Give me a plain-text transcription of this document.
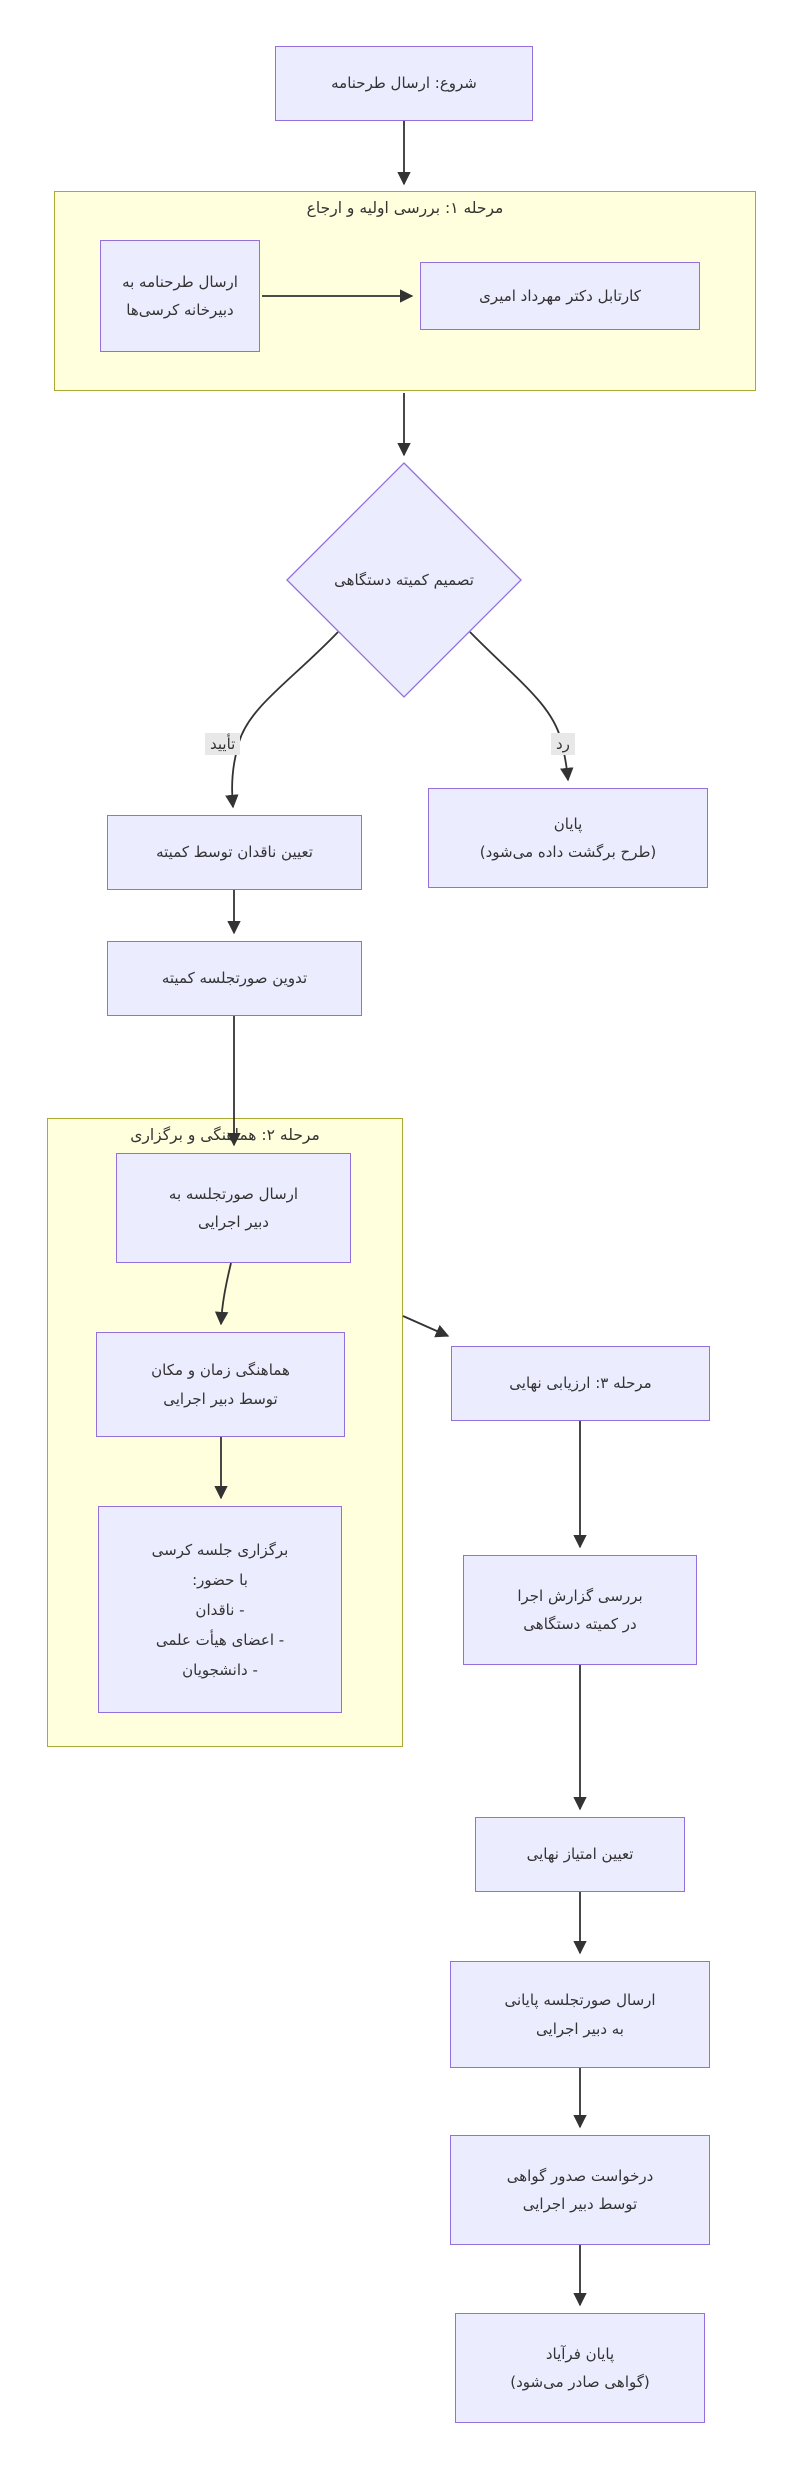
مرحله ۱: بررسی اولیه و ارجاع
مرحله ۲: هماهنگی و برگزاری
شروع: ارسال طرحنامه
ارسال طرحنامه به
دبیرخانه کرسی‌ها
کارتابل دکتر مهرداد امیری
تصمیم کمیته دستگاهی
تأیید	رد
تعیین ناقدان توسط کمیته
پایان
(طرح برگشت داده می‌شود)
تدوین صورتجلسه کمیته
ارسال صورتجلسه به
دبیر اجرایی
هماهنگی زمان و مکان
توسط دبیر اجرایی
برگزاری جلسه کرسی
با حضور:
- ناقدان
- اعضای هیأت علمی
- دانشجویان
مرحله ۳: ارزیابی نهایی
بررسی گزارش اجرا
در کمیته دستگاهی
تعیین امتیاز نهایی
ارسال صورتجلسه پایانی
به دبیر اجرایی
درخواست صدور گواهی
توسط دبیر اجرایی
پایان فرآیاد
(گواهی صادر می‌شود)
